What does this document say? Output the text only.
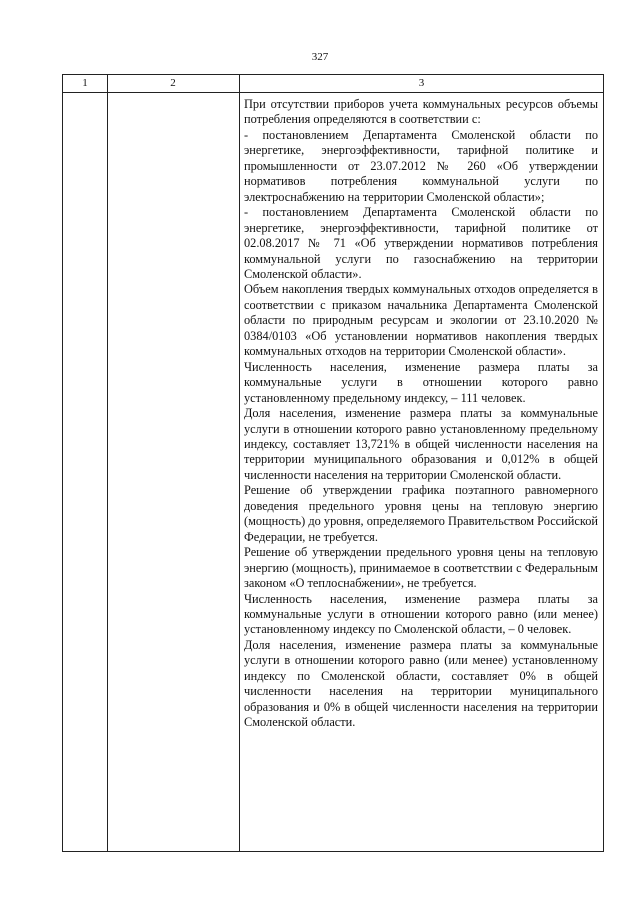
327
1	2	3

При отсутствии приборов учета коммунальных ресурсов объемы потребления определяются в соответствии с:

- постановлением Департамента Смоленской области по энергетике, энергоэффективности, тарифной политике и промышленности от 23.07.2012 № 260 «Об утверждении нормативов потребления коммунальной услуги по электроснабжению на территории Смоленской области»;

- постановлением Департамента Смоленской области по энергетике, энергоэффективности, тарифной политике от 02.08.2017 № 71 «Об утверждении нормативов потребления коммунальной услуги по газоснабжению на территории Смоленской области».

Объем накопления твердых коммунальных отходов определяется в соответствии с приказом начальника Департамента Смоленской области по природным ресурсам и экологии от 23.10.2020 № 0384/0103 «Об установлении нормативов накопления твердых коммунальных отходов на территории Смоленской области».

Численность населения, изменение размера платы за коммунальные услуги в отношении которого равно установленному предельному индексу, – 111 человек.

Доля населения, изменение размера платы за коммунальные услуги в отношении которого равно установленному предельному индексу, составляет 13,721% в общей численности населения на территории муниципального образования и 0,012% в общей численности населения на территории Смоленской области.

Решение об утверждении графика поэтапного равномерного доведения предельного уровня цены на тепловую энергию (мощность) до уровня, определяемого Правительством Российской Федерации, не требуется.

Решение об утверждении предельного уровня цены на тепловую энергию (мощность), принимаемое в соответствии с Федеральным законом «О теплоснабжении», не требуется.

Численность населения, изменение размера платы за коммунальные услуги в отношении которого равно (или менее) установленному индексу по Смоленской области, – 0 человек.

Доля населения, изменение размера платы за коммунальные услуги в отношении которого равно (или менее) установленному индексу по Смоленской области, составляет 0% в общей численности населения на территории муниципального образования и 0% в общей численности населения на территории Смоленской области.
